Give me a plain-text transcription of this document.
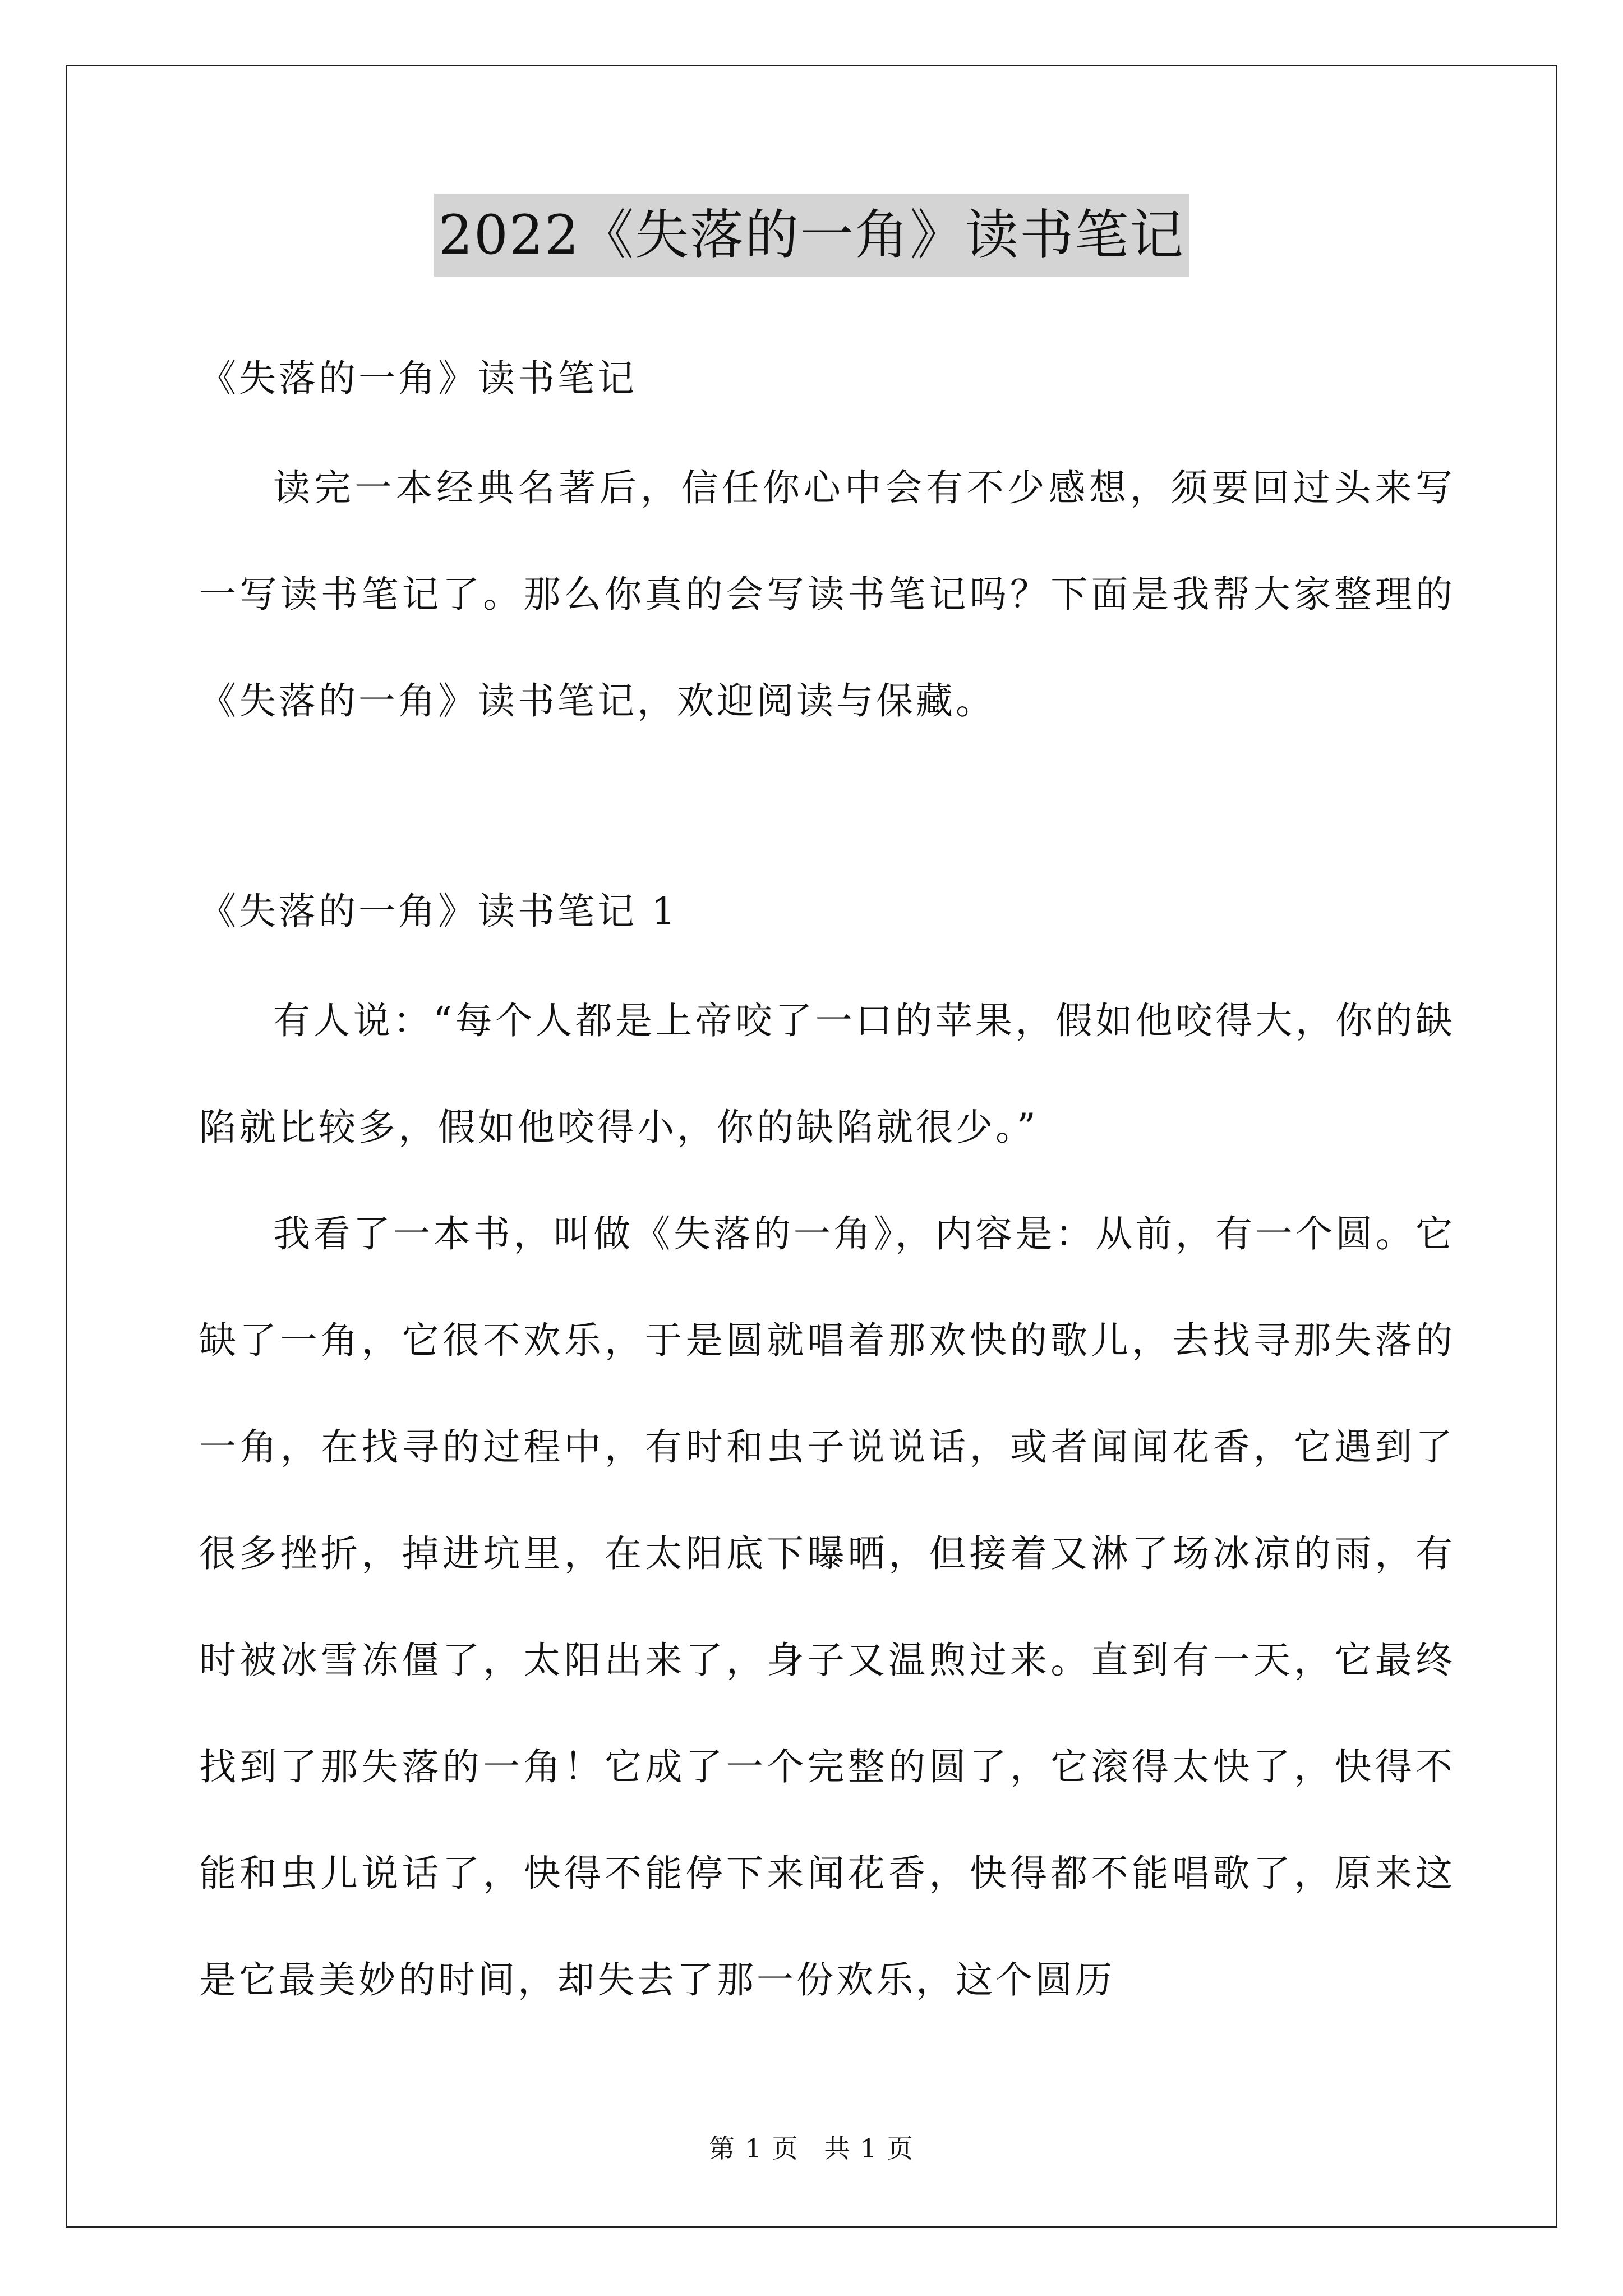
2022《失落的一角》读书笔记
《失落的一角》读书笔记

读完一本经典名著后，信任你心中会有不少感想，须要回过头来写一写读书笔记了。那么你真的会写读书笔记吗？下面是我帮大家整理的《失落的一角》读书笔记，欢迎阅读与保藏。

《失落的一角》读书笔记 1

有人说：“每个人都是上帝咬了一口的苹果，假如他咬得大，你的缺陷就比较多，假如他咬得小，你的缺陷就很少。”

我看了一本书，叫做《失落的一角》，内容是：从前，有一个圆。它缺了一角，它很不欢乐，于是圆就唱着那欢快的歌儿，去找寻那失落的一角，在找寻的过程中，有时和虫子说说话，或者闻闻花香，它遇到了很多挫折，掉进坑里，在太阳底下曝晒，但接着又淋了场冰凉的雨，有时被冰雪冻僵了，太阳出来了，身子又温煦过来。直到有一天，它最终找到了那失落的一角！它成了一个完整的圆了，它滚得太快了，快得不能和虫儿说话了，快得不能停下来闻花香，快得都不能唱歌了，原来这是它最美妙的时间，却失去了那一份欢乐，这个圆历

第 1 页 共 1 页
